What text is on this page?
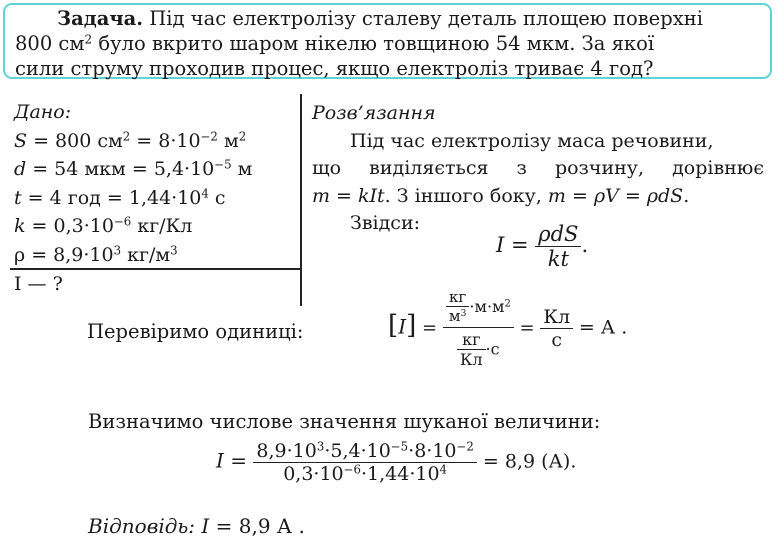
Задача. Під час електролізу сталеву деталь площею поверхні
800 $см^2$ було вкрито шаром нікелю товщиною 54 мкм. За якої
сили струму проходив процес, якщо електроліз триває 4 год?
Дано:
S = 800 $см^2 = 8\cdot 10^{-2}$ $м^2$
d = 54 мкм = $5,4\cdot 10^{-5}$ м
t = 4 год = $1,44\cdot 10^4$ с
$k = 0,3\cdot 10^{-6}$ кг/Кл
$\rho = 8,9\cdot 10^3$ $кг/м^3$
I — ?
Розв’язання
Під час електролізу маса речовини,
що виділяється з розчину, дорівнює
m = kIt. З іншого боку, m = ρV = ρdS.
Звідси:
$I = \frac{\text{ρdS}}{kt}$ .
Перевіримо одиниці:	$[I] = \frac{\frac{кг}{м^3} \cdot м\cdot м^2}{\frac{кг}{Кл} \cdot с} = \frac{Кл}{с} = А$ .
Визначимо числове значення шуканої величини:
$I = \frac{8,9\cdot 10^3\cdot 5,4\cdot 10^{-5}\cdot 8\cdot 10^{-2}}{0,3\cdot 10^{-6}\cdot 1,44\cdot 10^4} = 8,9$ (А).
Відповідь: I = 8,9 А .
